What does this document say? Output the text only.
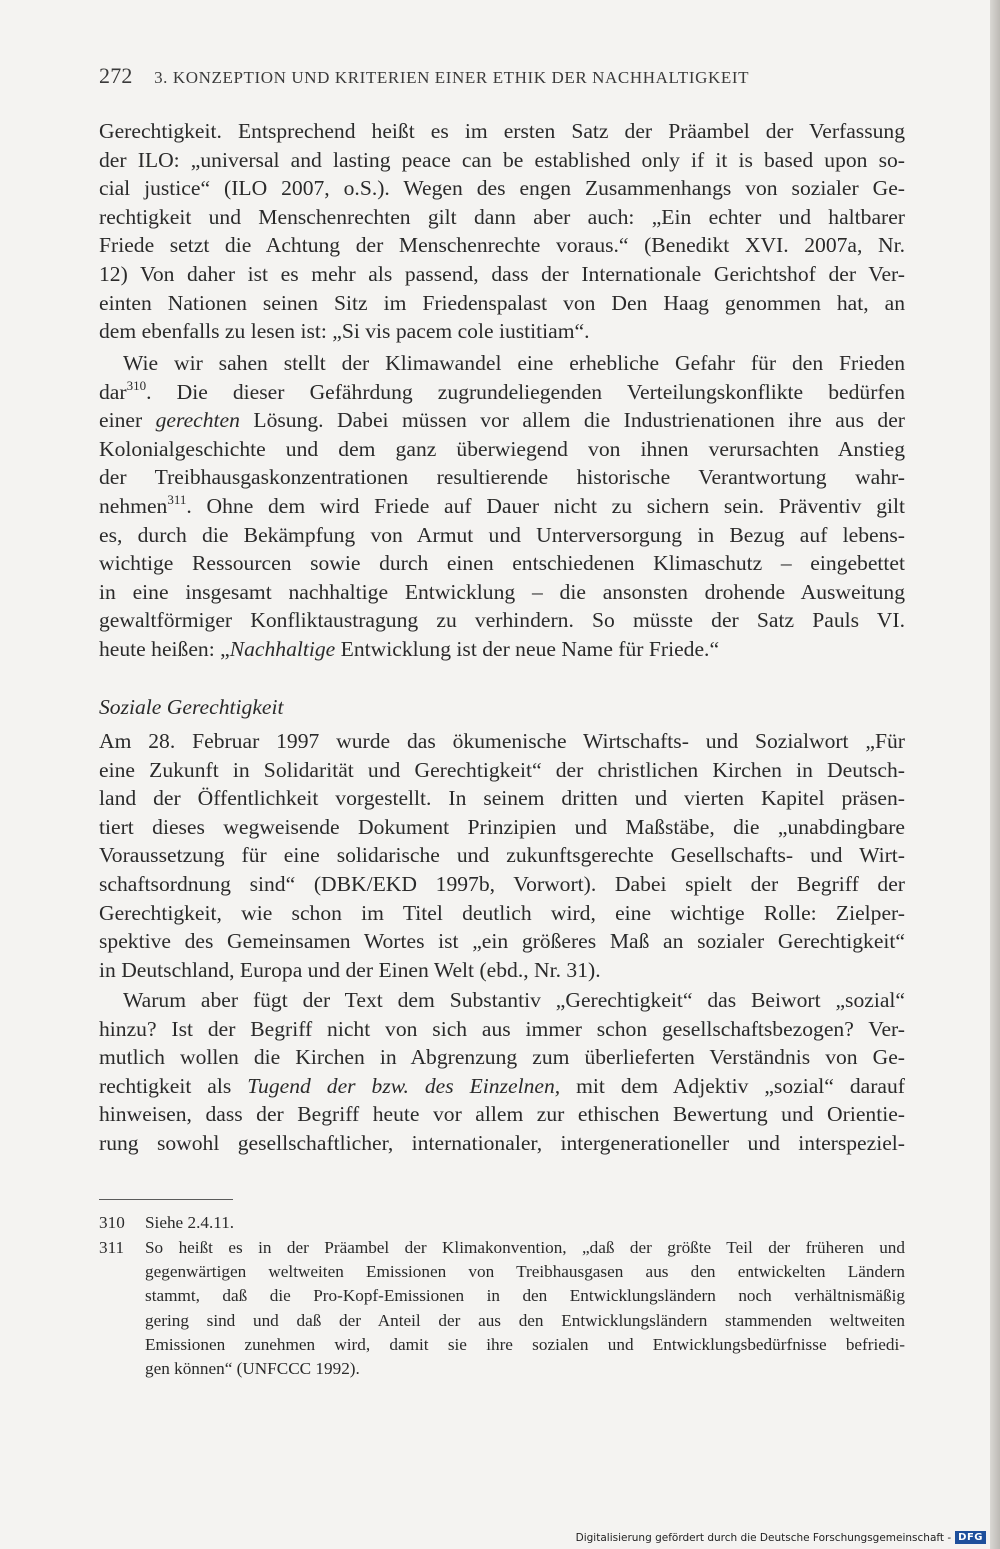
272 3. KONZEPTION UND KRITERIEN EINER ETHIK DER NACHHALTIGKEIT
Gerechtigkeit. Entsprechend heißt es im ersten Satz der Präambel der Verfassung
der ILO: „universal and lasting peace can be established only if it is based upon so-
cial justice“ (ILO 2007, o.S.). Wegen des engen Zusammenhangs von sozialer Ge-
rechtigkeit und Menschenrechten gilt dann aber auch: „Ein echter und haltbarer
Friede setzt die Achtung der Menschenrechte voraus.“ (Benedikt XVI. 2007a, Nr.
12) Von daher ist es mehr als passend, dass der Internationale Gerichtshof der Ver-
einten Nationen seinen Sitz im Friedenspalast von Den Haag genommen hat, an
dem ebenfalls zu lesen ist: „Si vis pacem cole iustitiam“.
Wie wir sahen stellt der Klimawandel eine erhebliche Gefahr für den Frieden
dar$^{310}$. Die dieser Gefährdung zugrundeliegenden Verteilungskonflikte bedürfen
einer gerechten Lösung. Dabei müssen vor allem die Industrienationen ihre aus der
Kolonialgeschichte und dem ganz überwiegend von ihnen verursachten Anstieg
der Treibhausgaskonzentrationen resultierende historische Verantwortung wahr-
nehmen$^{311}$. Ohne dem wird Friede auf Dauer nicht zu sichern sein. Präventiv gilt
es, durch die Bekämpfung von Armut und Unterversorgung in Bezug auf lebens-
wichtige Ressourcen sowie durch einen entschiedenen Klimaschutz – eingebettet
in eine insgesamt nachhaltige Entwicklung – die ansonsten drohende Ausweitung
gewaltförmiger Konfliktaustragung zu verhindern. So müsste der Satz Pauls VI.
heute heißen: „Nachhaltige Entwicklung ist der neue Name für Friede.“
Soziale Gerechtigkeit
Am 28. Februar 1997 wurde das ökumenische Wirtschafts- und Sozialwort „Für
eine Zukunft in Solidarität und Gerechtigkeit“ der christlichen Kirchen in Deutsch-
land der Öffentlichkeit vorgestellt. In seinem dritten und vierten Kapitel präsen-
tiert dieses wegweisende Dokument Prinzipien und Maßstäbe, die „unabdingbare
Voraussetzung für eine solidarische und zukunftsgerechte Gesellschafts- und Wirt-
schaftsordnung sind“ (DBK/EKD 1997b, Vorwort). Dabei spielt der Begriff der
Gerechtigkeit, wie schon im Titel deutlich wird, eine wichtige Rolle: Zielper-
spektive des Gemeinsamen Wortes ist „ein größeres Maß an sozialer Gerechtigkeit“
in Deutschland, Europa und der Einen Welt (ebd., Nr. 31).
Warum aber fügt der Text dem Substantiv „Gerechtigkeit“ das Beiwort „sozial“
hinzu? Ist der Begriff nicht von sich aus immer schon gesellschaftsbezogen? Ver-
mutlich wollen die Kirchen in Abgrenzung zum überlieferten Verständnis von Ge-
rechtigkeit als Tugend der bzw. des Einzelnen, mit dem Adjektiv „sozial“ darauf
hinweisen, dass der Begriff heute vor allem zur ethischen Bewertung und Orientie-
rung sowohl gesellschaftlicher, internationaler, intergenerationeller und interspeziel-
310 Siehe 2.4.11.
311 So heißt es in der Präambel der Klimakonvention, „daß der größte Teil der früheren und
gegenwärtigen weltweiten Emissionen von Treibhausgasen aus den entwickelten Ländern
stammt, daß die Pro-Kopf-Emissionen in den Entwicklungsländern noch verhältnismäßig
gering sind und daß der Anteil der aus den Entwicklungsländern stammenden weltweiten
Emissionen zunehmen wird, damit sie ihre sozialen und Entwicklungsbedürfnisse befriedi-
gen können“ (UNFCCC 1992).
Digitalisierung gefördert durch die Deutsche Forschungsgemeinschaft - DFG
